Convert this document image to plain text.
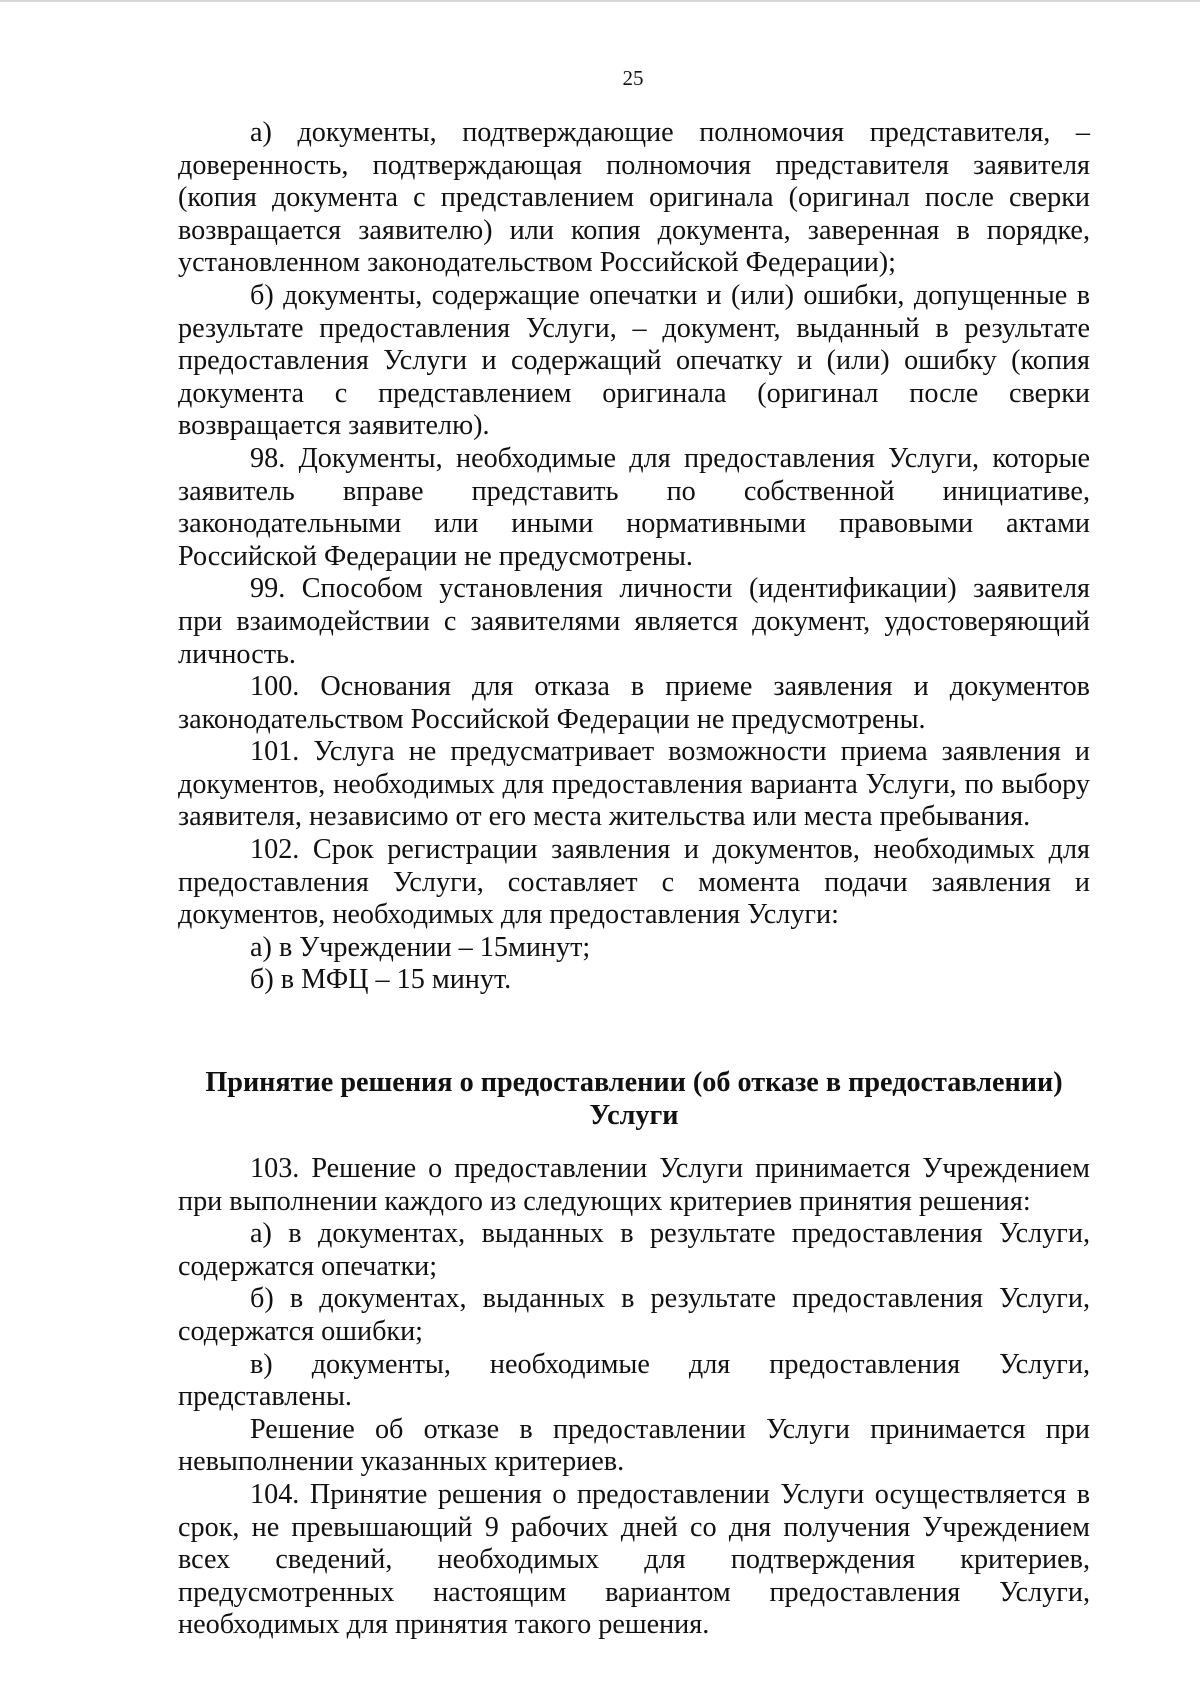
25

а) документы, подтверждающие полномочия представителя, – доверенность, подтверждающая полномочия представителя заявителя (копия документа с представлением оригинала (оригинал после сверки возвращается заявителю) или копия документа, заверенная в порядке, установленном законодательством Российской Федерации);

б) документы, содержащие опечатки и (или) ошибки, допущенные в результате предоставления Услуги, – документ, выданный в результате предоставления Услуги и содержащий опечатку и (или) ошибку (копия документа с представлением оригинала (оригинал после сверки возвращается заявителю).

98. Документы, необходимые для предоставления Услуги, которые заявитель вправе представить по собственной инициативе, законодательными или иными нормативными правовыми актами Российской Федерации не предусмотрены.

99. Способом установления личности (идентификации) заявителя при взаимодействии с заявителями является документ, удостоверяющий личность.

100. Основания для отказа в приеме заявления и документов законодательством Российской Федерации не предусмотрены.

101. Услуга не предусматривает возможности приема заявления и документов, необходимых для предоставления варианта Услуги, по выбору заявителя, независимо от его места жительства или места пребывания.

102. Срок регистрации заявления и документов, необходимых для предоставления Услуги, составляет с момента подачи заявления и документов, необходимых для предоставления Услуги:

а) в Учреждении – 15минут;

б) в МФЦ – 15 минут.

Принятие решения о предоставлении (об отказе в предоставлении) Услуги

103. Решение о предоставлении Услуги принимается Учреждением при выполнении каждого из следующих критериев принятия решения:

а) в документах, выданных в результате предоставления Услуги, содержатся опечатки;

б) в документах, выданных в результате предоставления Услуги, содержатся ошибки;

в) документы, необходимые для предоставления Услуги, представлены.

Решение об отказе в предоставлении Услуги принимается при невыполнении указанных критериев.

104. Принятие решения о предоставлении Услуги осуществляется в срок, не превышающий 9 рабочих дней со дня получения Учреждением всех сведений, необходимых для подтверждения критериев, предусмотренных настоящим вариантом предоставления Услуги, необходимых для принятия такого решения.
